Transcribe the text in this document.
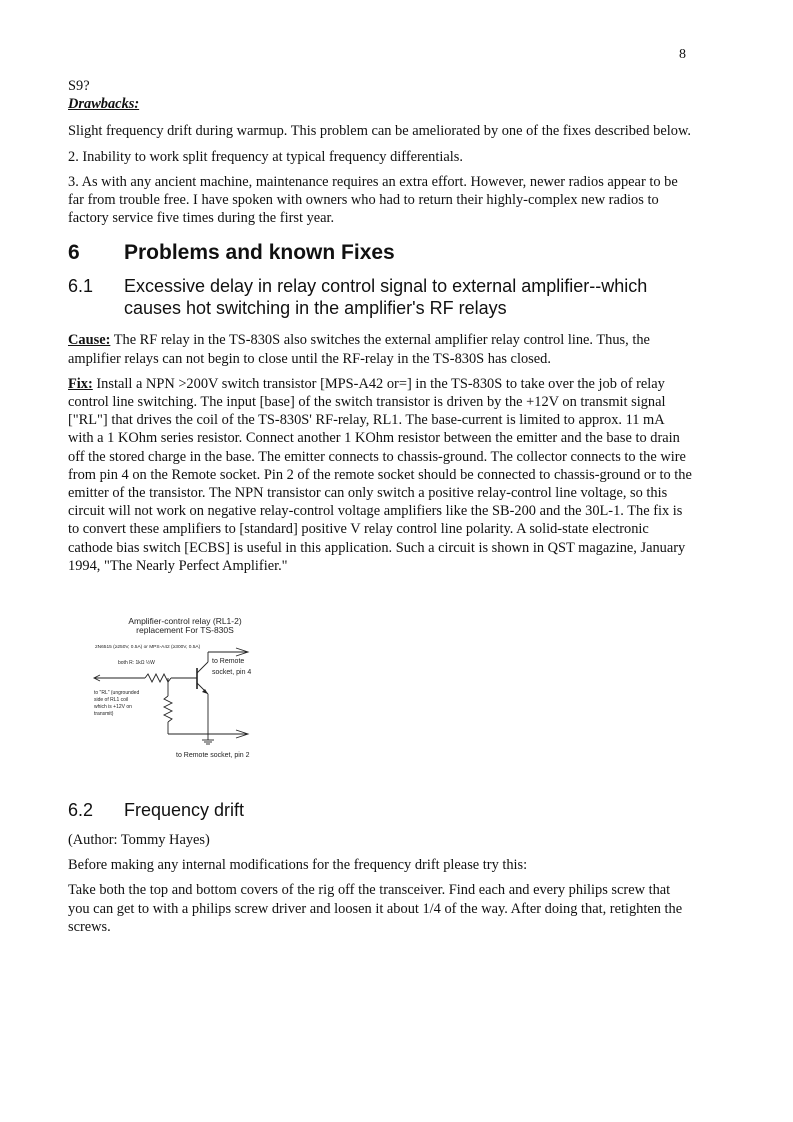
8

S9?

Drawbacks:

Slight frequency drift during warmup. This problem can be ameliorated by one of the fixes described below.

2. Inability to work split frequency at typical frequency differentials.

3. As with any ancient machine, maintenance requires an extra effort. However, newer radios appear to be far from trouble free. I have spoken with owners who had to return their highly-complex new radios to factory service five times during the first year.

6	Problems and known Fixes
6.1	Excessive delay in relay control signal to external amplifier--which causes hot switching in the amplifier's RF relays

Cause: The RF relay in the TS-830S also switches the external amplifier relay control line. Thus, the amplifier relays can not begin to close until the RF-relay in the TS-830S has closed.

Fix: Install a NPN >200V switch transistor [MPS-A42 or=] in the TS-830S to take over the job of relay control line switching. The input [base] of the switch transistor is driven by the +12V on transmit signal ["RL"] that drives the coil of the TS-830S' RF-relay, RL1. The base-current is limited to approx. 11 mA with a 1 KOhm series resistor. Connect another 1 KOhm resistor between the emitter and the base to drain off the stored charge in the base. The emitter connects to chassis-ground. The collector connects to the wire from pin 4 on the Remote socket. Pin 2 of the remote socket should be connected to chassis-ground or to the emitter of the transistor. The NPN transistor can only switch a positive relay-control line voltage, so this circuit will not work on negative relay-control voltage amplifiers like the SB-200 and the 30L-1. The fix is to convert these amplifiers to [standard] positive V relay control line polarity. A solid-state electronic cathode bias switch [ECBS] is useful in this application. Such a circuit is shown in QST magazine, January 1994, "The Nearly Perfect Amplifier."

Amplifier-control relay (RL1-2)
replacement For TS-830S
2N6515 (≥250V, 0.5A) or MPS-A42 (≥300V, 0.5A)
both R: 1kΩ ½W	to Remote
socket, pin 4
to "RL" (ungrounded
side of RL1 coil
which is +12V on
transmit)
to Remote socket, pin 2
6.2	Frequency drift

(Author: Tommy Hayes)

Before making any internal modifications for the frequency drift please try this:

Take both the top and bottom covers of the rig off the transceiver. Find each and every philips screw that you can get to with a philips screw driver and loosen it about 1/4 of the way. After doing that, retighten the screws.
